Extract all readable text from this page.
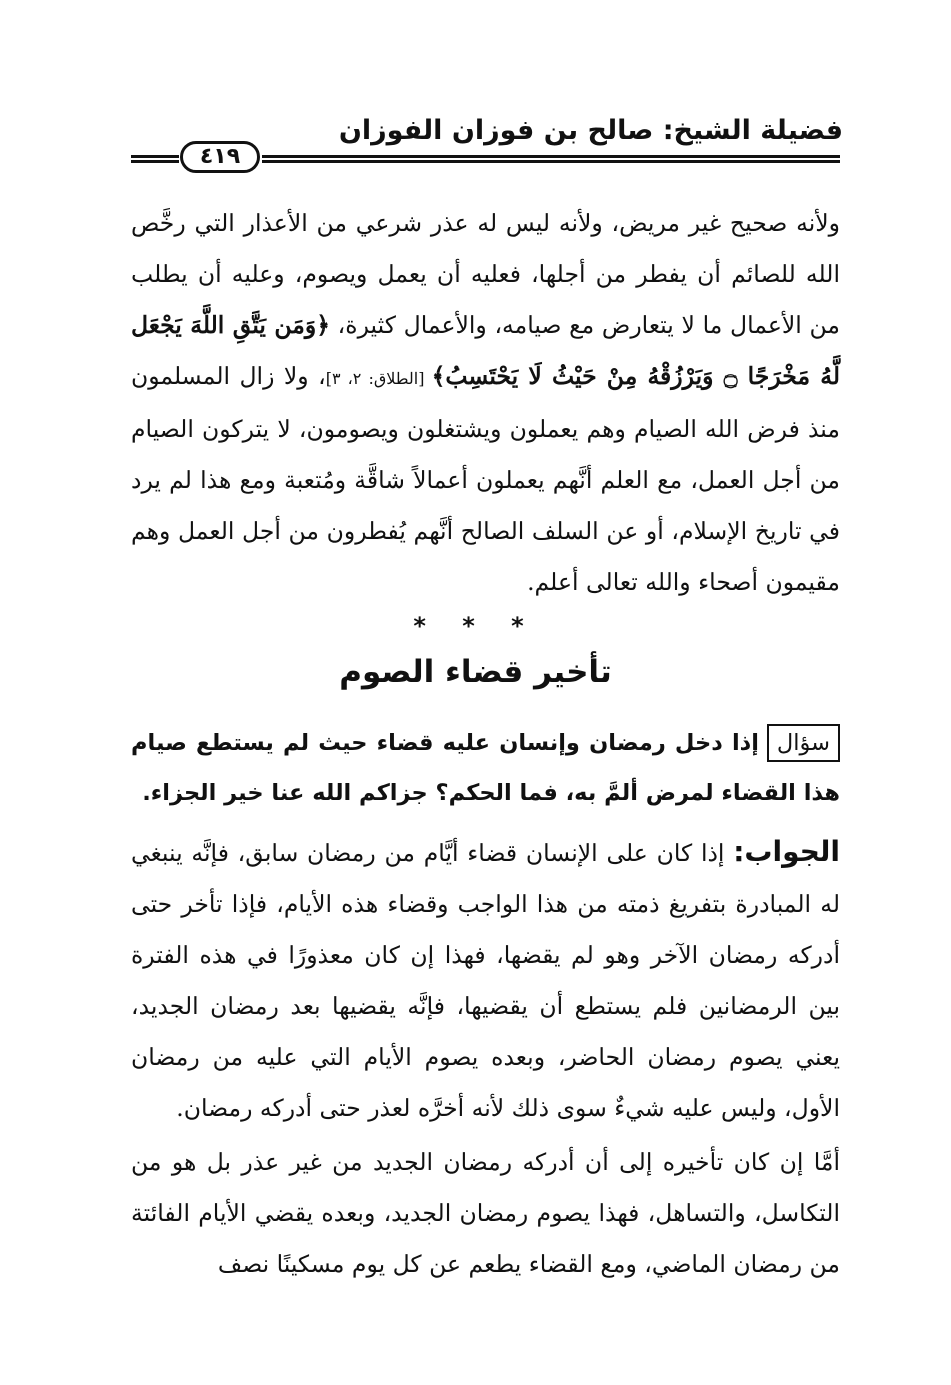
فضيلة الشيخ: صالح بن فوزان الفوزان
٤١٩

ولأنه صحيح غير مريض، ولأنه ليس له عذر شرعي من الأعذار التي رخَّص الله للصائم أن يفطر من أجلها، فعليه أن يعمل ويصوم، وعليه أن يطلب من الأعمال ما لا يتعارض مع صيامه، والأعمال كثيرة، ﴿وَمَن يَتَّقِ اللَّهَ يَجْعَل لَّهُ مَخْرَجًا ۝ وَيَرْزُقْهُ مِنْ حَيْثُ لَا يَحْتَسِبُ﴾ [الطلاق: ٢، ٣]، ولا زال المسلمون منذ فرض الله الصيام وهم يعملون ويشتغلون ويصومون، لا يتركون الصيام من أجل العمل، مع العلم أنَّهم يعملون أعمالاً شاقَّة ومُتعبة ومع هذا لم يرد في تاريخ الإسلام، أو عن السلف الصالح أنَّهم يُفطرون من أجل العمل وهم مقيمون أصحاء والله تعالى أعلم.

* * *
تأخير قضاء الصوم

سؤالإذا دخل رمضان وإنسان عليه قضاء حيث لم يستطع صيام هذا القضاء لمرض ألمَّ به، فما الحكم؟ جزاكم الله عنا خير الجزاء.

الجواب: إذا كان على الإنسان قضاء أيَّام من رمضان سابق، فإنَّه ينبغي له المبادرة بتفريغ ذمته من هذا الواجب وقضاء هذه الأيام، فإذا تأخر حتى أدركه رمضان الآخر وهو لم يقضها، فهذا إن كان معذورًا في هذه الفترة بين الرمضانين فلم يستطع أن يقضيها، فإنَّه يقضيها بعد رمضان الجديد، يعني يصوم رمضان الحاضر، وبعده يصوم الأيام التي عليه من رمضان الأول، وليس عليه شيءٌ سوى ذلك لأنه أخرَّه لعذر حتى أدركه رمضان.

أمَّا إن كان تأخيره إلى أن أدركه رمضان الجديد من غير عذر بل هو من التكاسل، والتساهل، فهذا يصوم رمضان الجديد، وبعده يقضي الأيام الفائتة من رمضان الماضي، ومع القضاء يطعم عن كل يوم مسكينًا نصف
